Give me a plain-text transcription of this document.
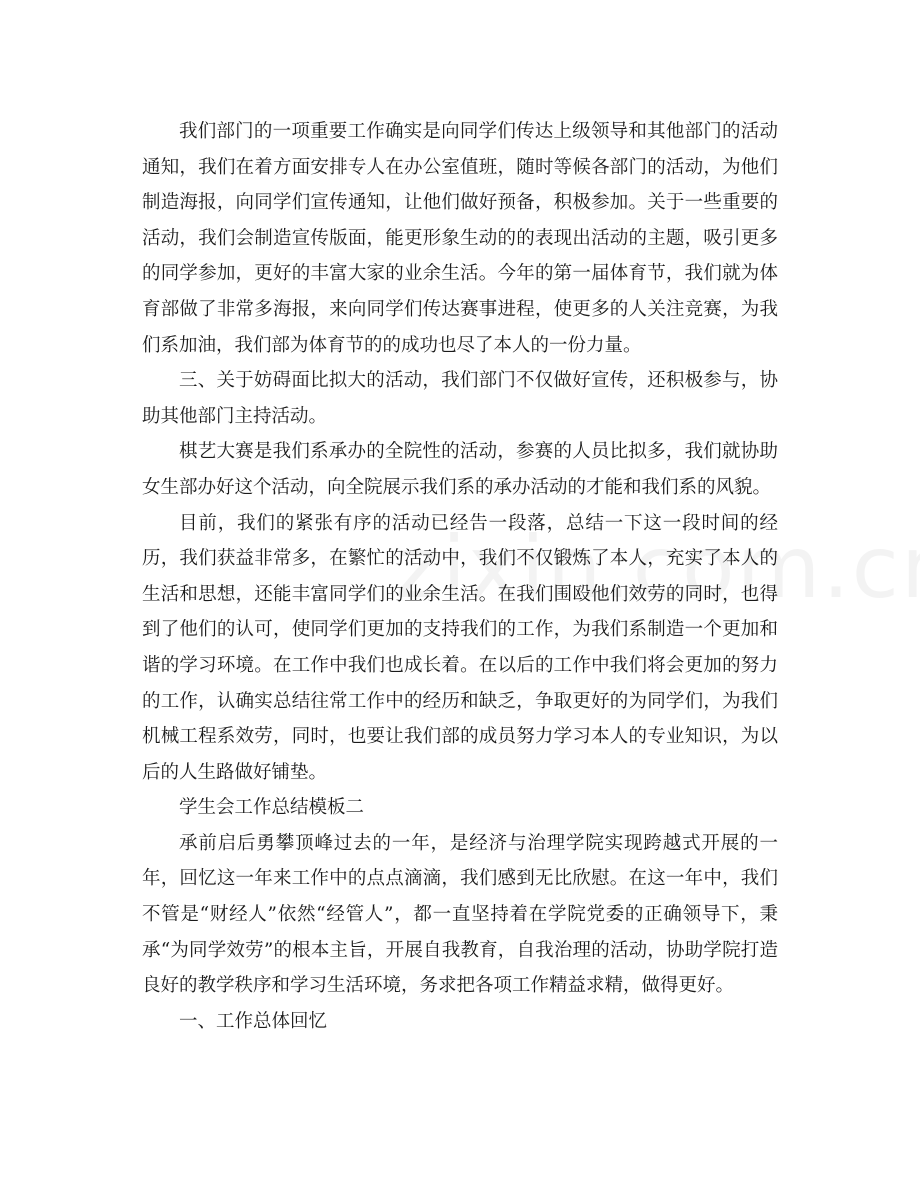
我们部门的一项重要工作确实是向同学们传达上级领导和其他部门的活动通知，我们在着方面安排专人在办公室值班，随时等候各部门的活动，为他们制造海报，向同学们宣传通知，让他们做好预备，积极参加。关于一些重要的活动，我们会制造宣传版面，能更形象生动的的表现出活动的主题，吸引更多的同学参加，更好的丰富大家的业余生活。今年的第一届体育节，我们就为体育部做了非常多海报，来向同学们传达赛事进程，使更多的人关注竞赛，为我们系加油，我们部为体育节的的成功也尽了本人的一份力量。

三、关于妨碍面比拟大的活动，我们部门不仅做好宣传，还积极参与，协助其他部门主持活动。

棋艺大赛是我们系承办的全院性的活动，参赛的人员比拟多，我们就协助女生部办好这个活动，向全院展示我们系的承办活动的才能和我们系的风貌。

目前，我们的紧张有序的活动已经告一段落，总结一下这一段时间的经历，我们获益非常多，在繁忙的活动中，我们不仅锻炼了本人，充实了本人的生活和思想，还能丰富同学们的业余生活。在我们围殴他们效劳的同时，也得到了他们的认可，使同学们更加的支持我们的工作，为我们系制造一个更加和谐的学习环境。在工作中我们也成长着。在以后的工作中我们将会更加的努力的工作，认确实总结往常工作中的经历和缺乏，争取更好的为同学们，为我们机械工程系效劳，同时，也要让我们部的成员努力学习本人的专业知识，为以后的人生路做好铺垫。

学生会工作总结模板二

承前启后勇攀顶峰过去的一年，是经济与治理学院实现跨越式开展的一年，回忆这一年来工作中的点点滴滴，我们感到无比欣慰。在这一年中，我们不管是“财经人”依然“经管人”，都一直坚持着在学院党委的正确领导下，秉承“为同学效劳”的根本主旨，开展自我教育，自我治理的活动，协助学院打造良好的教学秩序和学习生活环境，务求把各项工作精益求精，做得更好。

一、工作总体回忆
